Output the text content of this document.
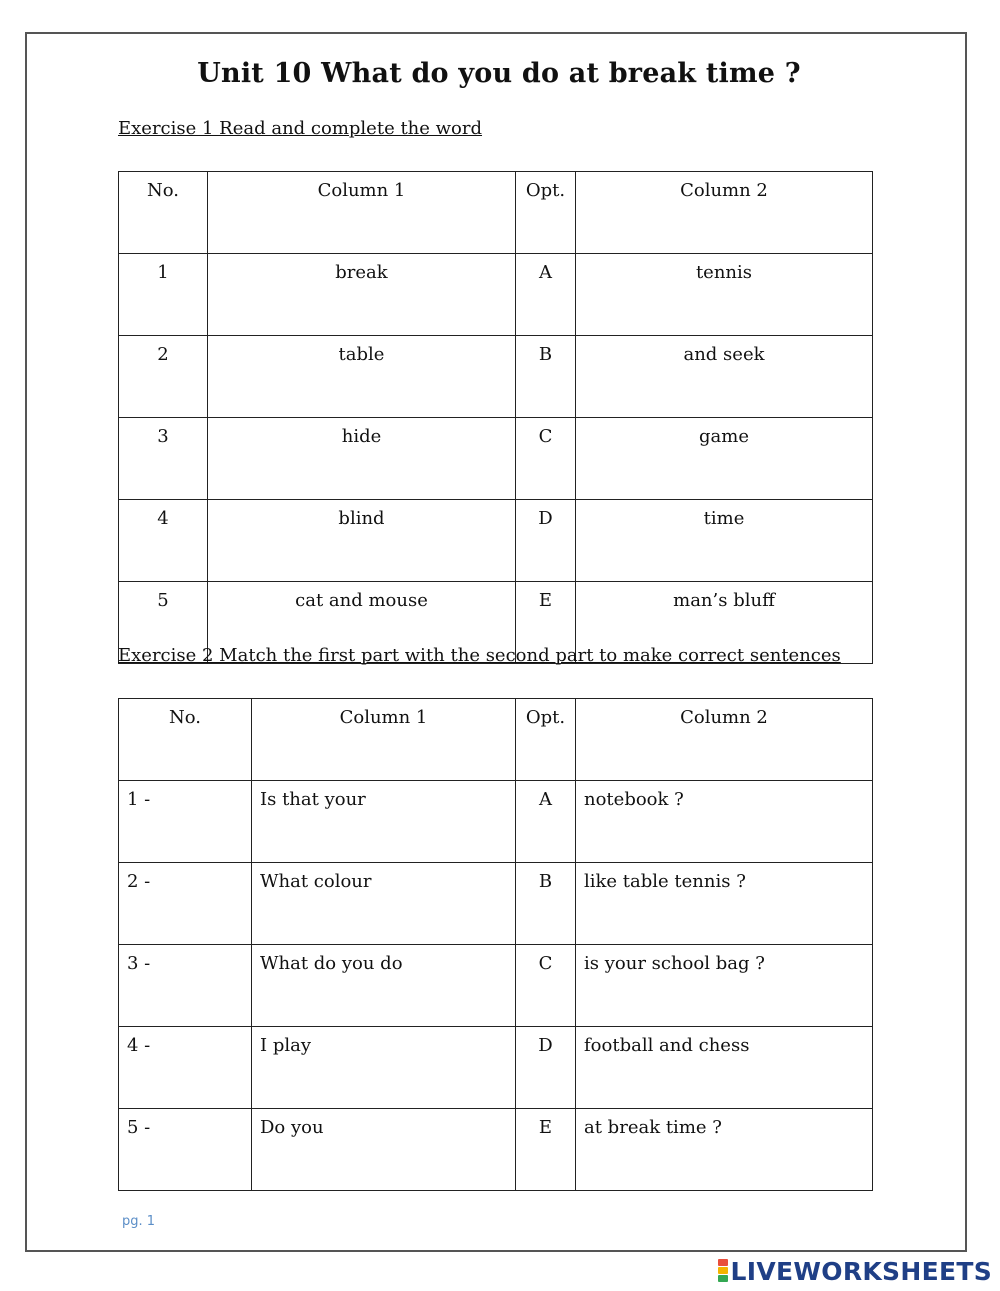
Unit 10 What do you do at break time ?
Exercise 1 Read and complete the word
No.	Column 1	Opt.	Column 2
1	break	A	tennis
2	table	B	and seek
3	hide	C	game
4	blind	D	time
5	cat and mouse	E	man’s bluff
Exercise 2 Match the first part with the second part to make correct sentences
No.	Column 1	Opt.	Column 2
1 -	Is that your	A	notebook ?
2 -	What colour	B	like table tennis ?
3 -	What do you do	C	is your school bag ?
4 -	I play	D	football and chess
5 -	Do you	E	at break time ?
pg. 1
LIVEWORKSHEETS
